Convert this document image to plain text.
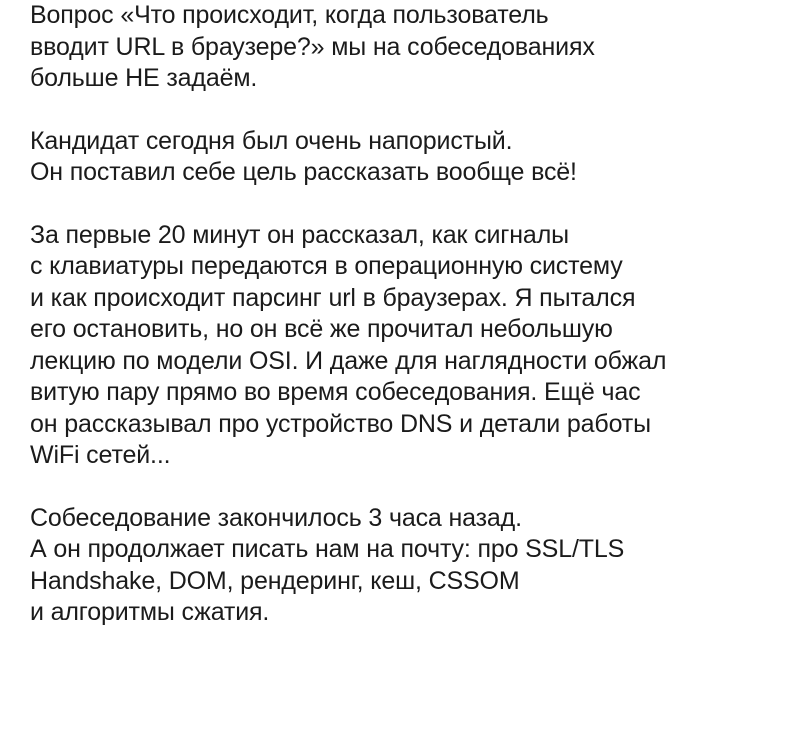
Вопрос «Что происходит, когда пользователь
вводит URL в браузере?» мы на собеседованиях
больше НЕ задаём.
Кандидат сегодня был очень напористый.
Он поставил себе цель рассказать вообще всё!
За первые 20 минут он рассказал, как сигналы
с клавиатуры передаются в операционную систему
и как происходит парсинг url в браузерах. Я пытался
его остановить, но он всё же прочитал небольшую
лекцию по модели OSI. И даже для наглядности обжал
витую пару прямо во время собеседования. Ещё час
он рассказывал про устройство DNS и детали работы
WiFi сетей...
Собеседование закончилось 3 часа назад.
А он продолжает писать нам на почту: про SSL/TLS
Handshake, DOM, рендеринг, кеш, CSSOM
и алгоритмы сжатия.
